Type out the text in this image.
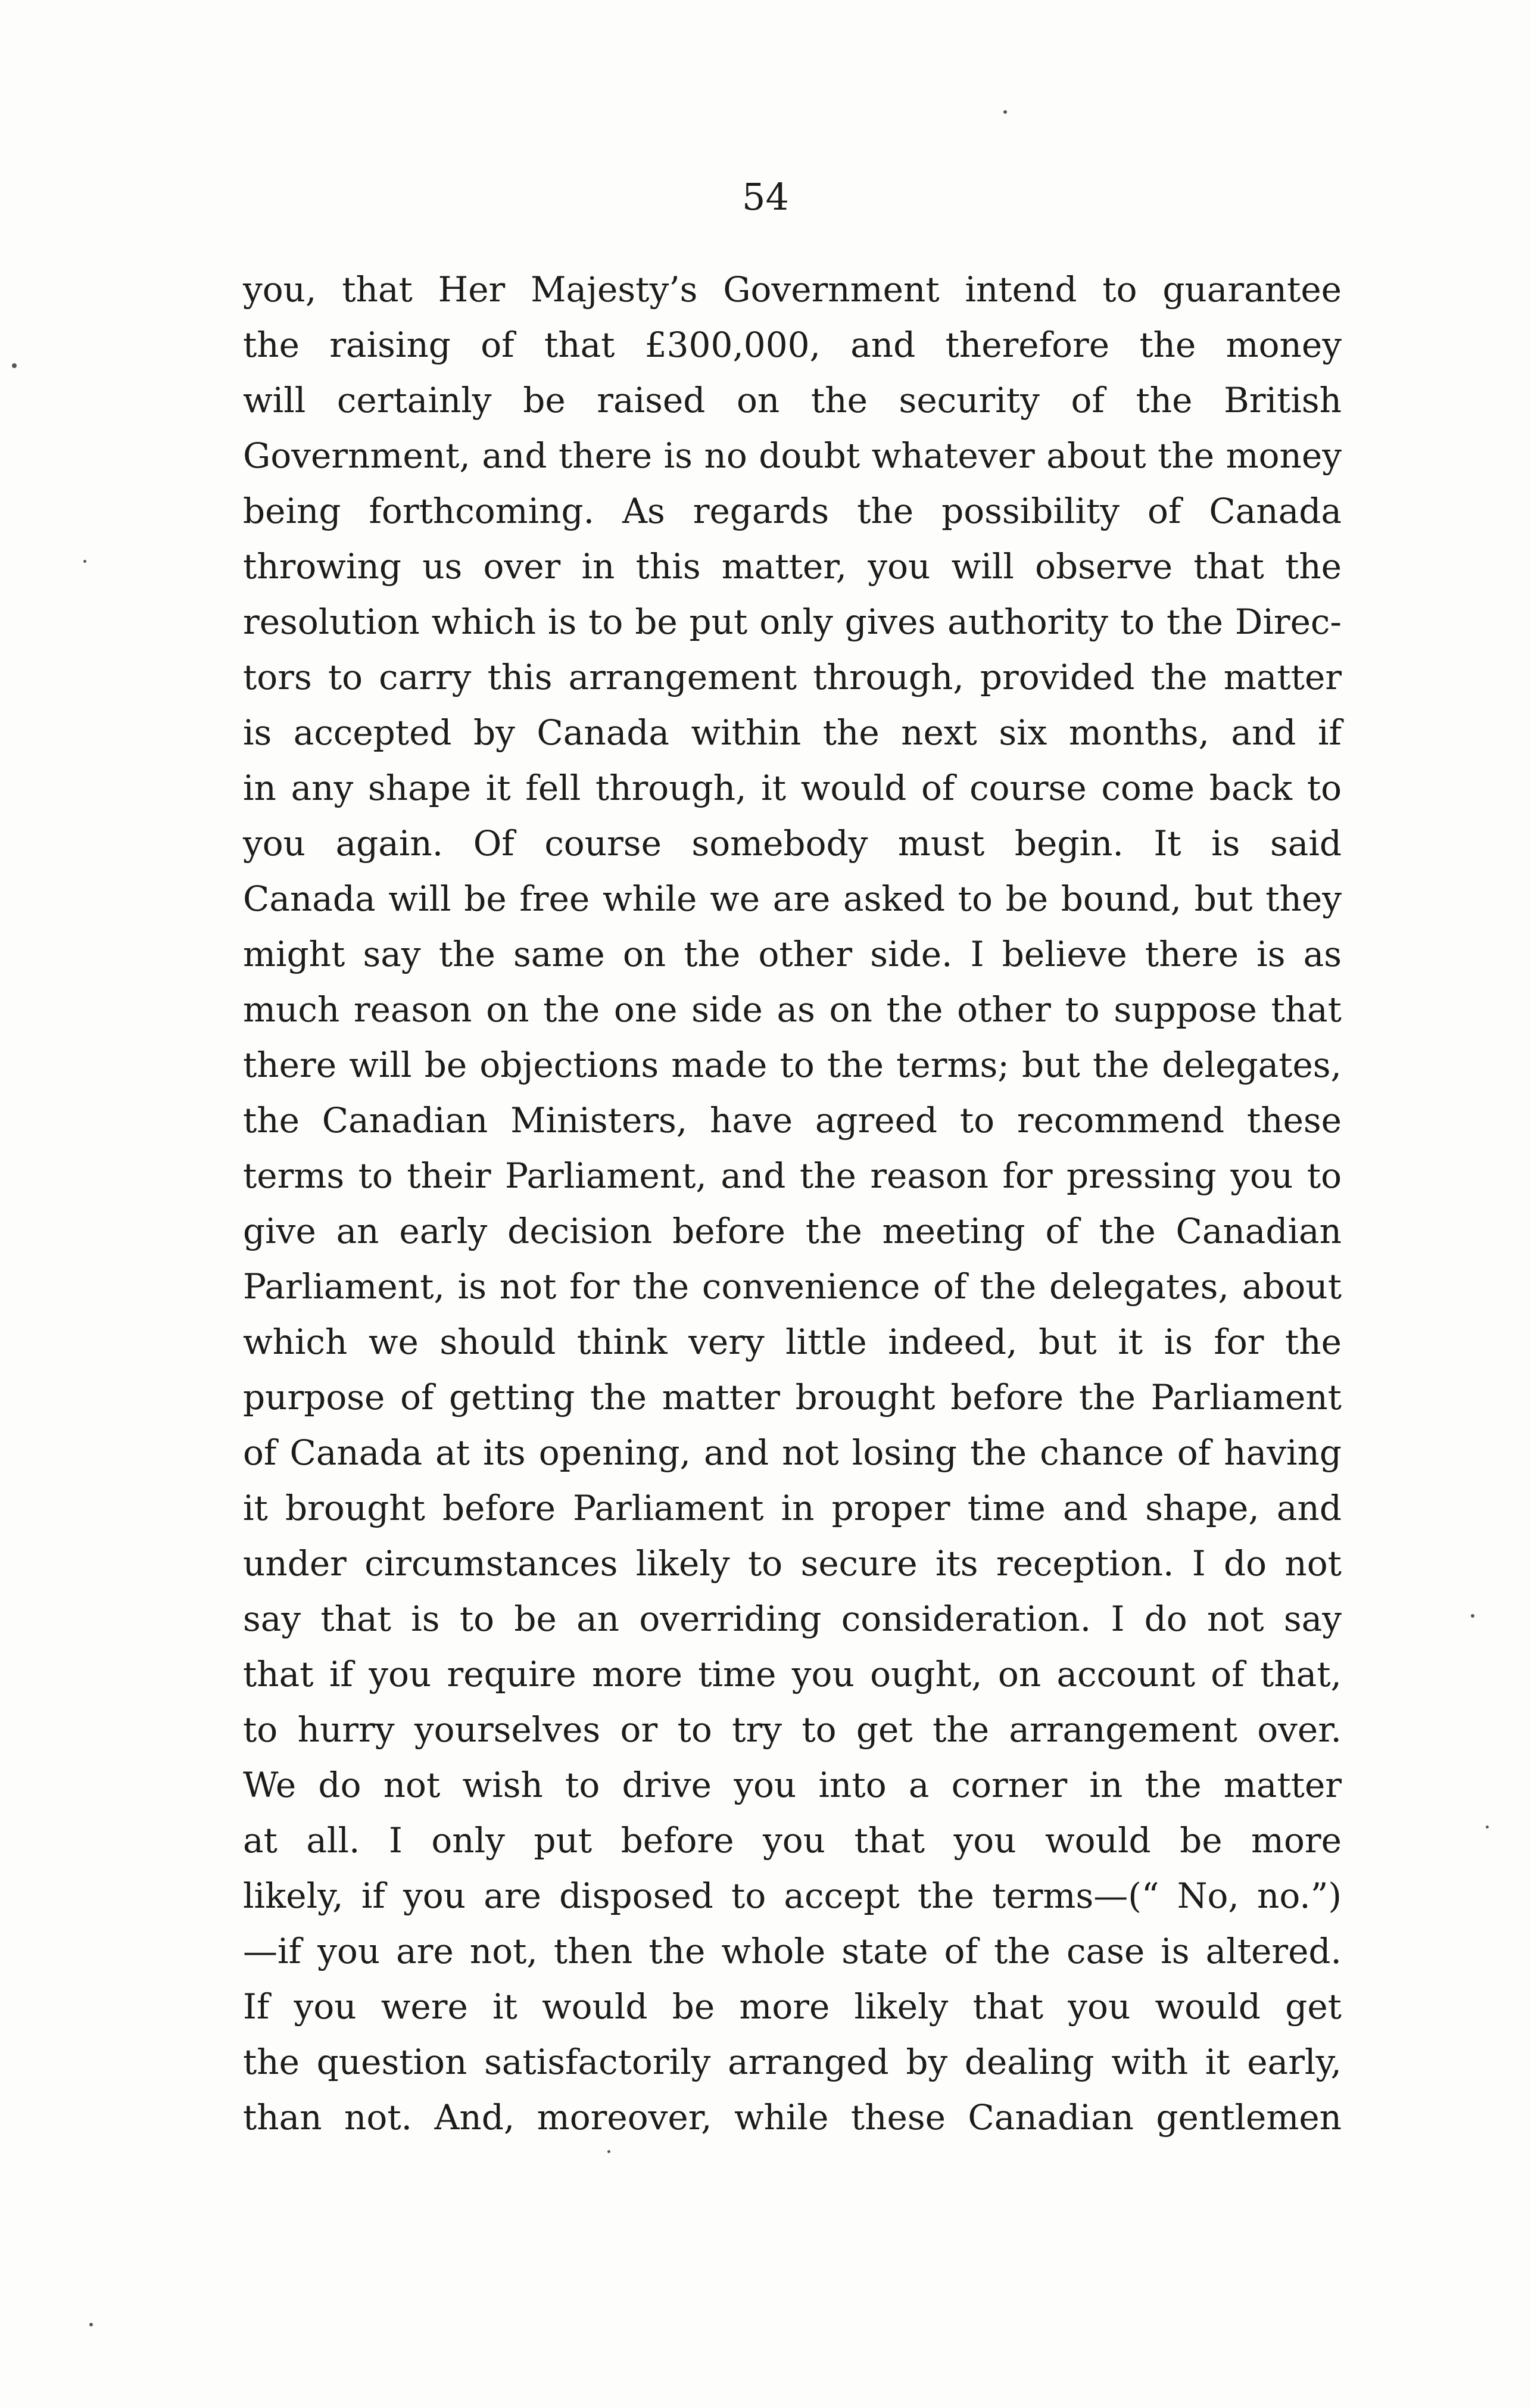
54
you, that Her Majesty’s Government intend to guarantee
the raising of that £300,000, and therefore the money
will certainly be raised on the security of the British
Government, and there is no doubt whatever about the money
being forthcoming. As regards the possibility of Canada
throwing us over in this matter, you will observe that the
resolution which is to be put only gives authority to the Direc-
tors to carry this arrangement through, provided the matter
is accepted by Canada within the next six months, and if
in any shape it fell through, it would of course come back to
you again. Of course somebody must begin. It is said
Canada will be free while we are asked to be bound, but they
might say the same on the other side. I believe there is as
much reason on the one side as on the other to suppose that
there will be objections made to the terms; but the delegates,
the Canadian Ministers, have agreed to recommend these
terms to their Parliament, and the reason for pressing you to
give an early decision before the meeting of the Canadian
Parliament, is not for the convenience of the delegates, about
which we should think very little indeed, but it is for the
purpose of getting the matter brought before the Parliament
of Canada at its opening, and not losing the chance of having
it brought before Parliament in proper time and shape, and
under circumstances likely to secure its reception. I do not
say that is to be an overriding consideration. I do not say
that if you require more time you ought, on account of that,
to hurry yourselves or to try to get the arrangement over.
We do not wish to drive you into a corner in the matter
at all. I only put before you that you would be more
likely, if you are disposed to accept the terms—(“ No, no.”)
—if you are not, then the whole state of the case is altered.
If you were it would be more likely that you would get
the question satisfactorily arranged by dealing with it early,
than not. And, moreover, while these Canadian gentlemen
